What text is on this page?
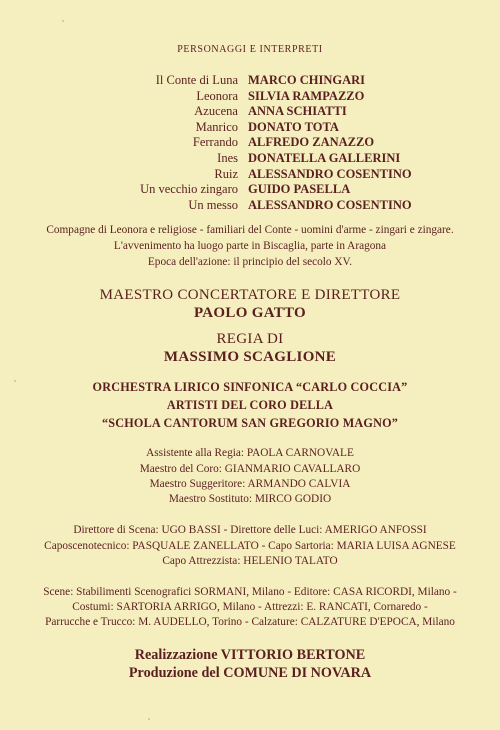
PERSONAGGI E INTERPRETI
Il Conte di Luna MARCO CHINGARI
Leonora SILVIA RAMPAZZO
Azucena ANNA SCHIATTI
Manrico DONATO TOTA
Ferrando ALFREDO ZANAZZO
Ines DONATELLA GALLERINI
Ruiz ALESSANDRO COSENTINO
Un vecchio zingaro GUIDO PASELLA
Un messo ALESSANDRO COSENTINO
Compagne di Leonora e religiose - familiari del Conte - uomini d'arme - zingari e zingare.
L'avvenimento ha luogo parte in Biscaglia, parte in Aragona
Epoca dell'azione: il principio del secolo XV.
MAESTRO CONCERTATORE E DIRETTORE
PAOLO GATTO
REGIA DI
MASSIMO SCAGLIONE
ORCHESTRA LIRICO SINFONICA “CARLO COCCIA”
ARTISTI DEL CORO DELLA
“SCHOLA CANTORUM SAN GREGORIO MAGNO”
Assistente alla Regia: PAOLA CARNOVALE
Maestro del Coro: GIANMARIO CAVALLARO
Maestro Suggeritore: ARMANDO CALVIA
Maestro Sostituto: MIRCO GODIO
Direttore di Scena: UGO BASSI - Direttore delle Luci: AMERIGO ANFOSSI
Caposcenotecnico: PASQUALE ZANELLATO - Capo Sartoria: MARIA LUISA AGNESE
Capo Attrezzista: HELENIO TALATO
Scene: Stabilimenti Scenografici SORMANI, Milano - Editore: CASA RICORDI, Milano -
Costumi: SARTORIA ARRIGO, Milano - Attrezzi: E. RANCATI, Cornaredo -
Parrucche e Trucco: M. AUDELLO, Torino - Calzature: CALZATURE D'EPOCA, Milano
Realizzazione VITTORIO BERTONE
Produzione del COMUNE DI NOVARA
